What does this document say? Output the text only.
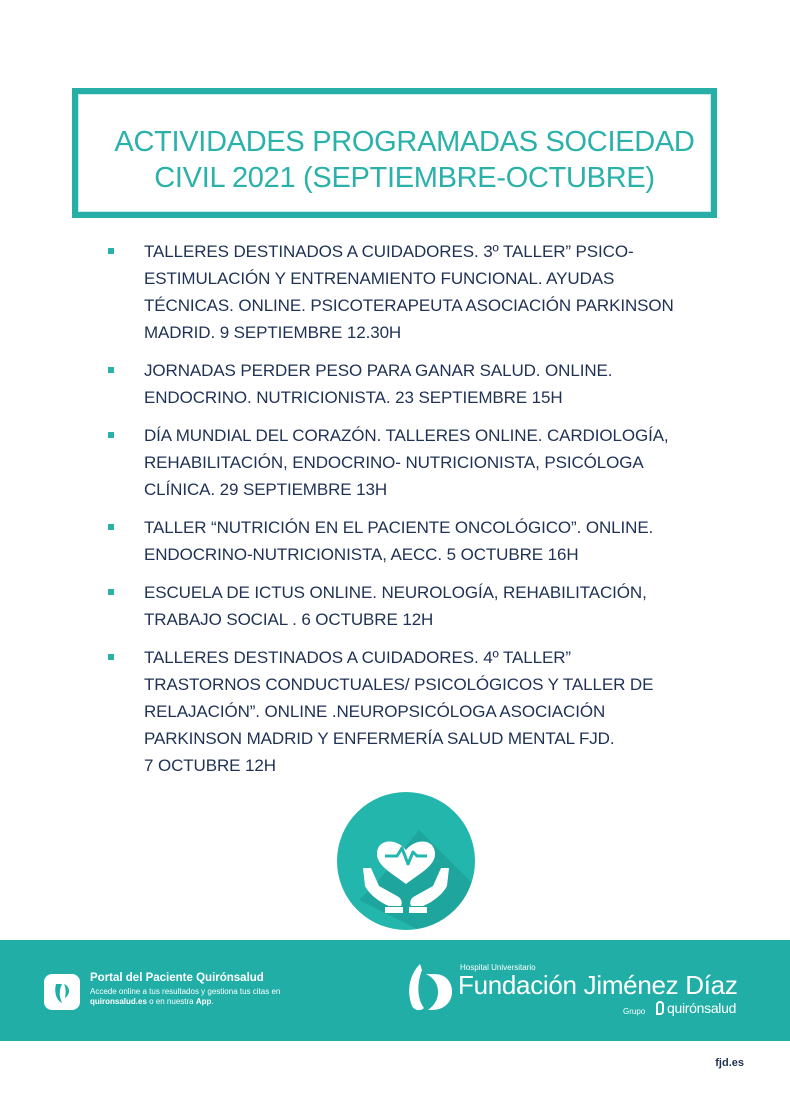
ACTIVIDADES PROGRAMADAS SOCIEDAD
CIVIL 2021 (SEPTIEMBRE-OCTUBRE)
TALLERES DESTINADOS A CUIDADORES. 3º TALLER” PSICO-
ESTIMULACIÓN Y ENTRENAMIENTO FUNCIONAL. AYUDAS
TÉCNICAS. ONLINE. PSICOTERAPEUTA ASOCIACIÓN PARKINSON
MADRID. 9 SEPTIEMBRE 12.30H
JORNADAS PERDER PESO PARA GANAR SALUD. ONLINE.
ENDOCRINO. NUTRICIONISTA. 23 SEPTIEMBRE 15H
DÍA MUNDIAL DEL CORAZÓN. TALLERES ONLINE. CARDIOLOGÍA,
REHABILITACIÓN, ENDOCRINO- NUTRICIONISTA, PSICÓLOGA
CLÍNICA. 29 SEPTIEMBRE 13H
TALLER “NUTRICIÓN EN EL PACIENTE ONCOLÓGICO”. ONLINE.
ENDOCRINO-NUTRICIONISTA, AECC. 5 OCTUBRE 16H
ESCUELA DE ICTUS ONLINE. NEUROLOGÍA, REHABILITACIÓN,
TRABAJO SOCIAL . 6 OCTUBRE 12H
TALLERES DESTINADOS A CUIDADORES. 4º TALLER”
TRASTORNOS CONDUCTUALES/ PSICOLÓGICOS Y TALLER DE
RELAJACIÓN”. ONLINE .NEUROPSICÓLOGA ASOCIACIÓN
PARKINSON MADRID Y ENFERMERÍA SALUD MENTAL FJD.
7 OCTUBRE 12H
Portal del Paciente Quirónsalud
Accede online a tus resultados y gestiona tus citas en quironsalud.es o en nuestra App.
Hospital Universitario
Fundación Jiménez Díaz
Grupo	quirónsalud
fjd.es
